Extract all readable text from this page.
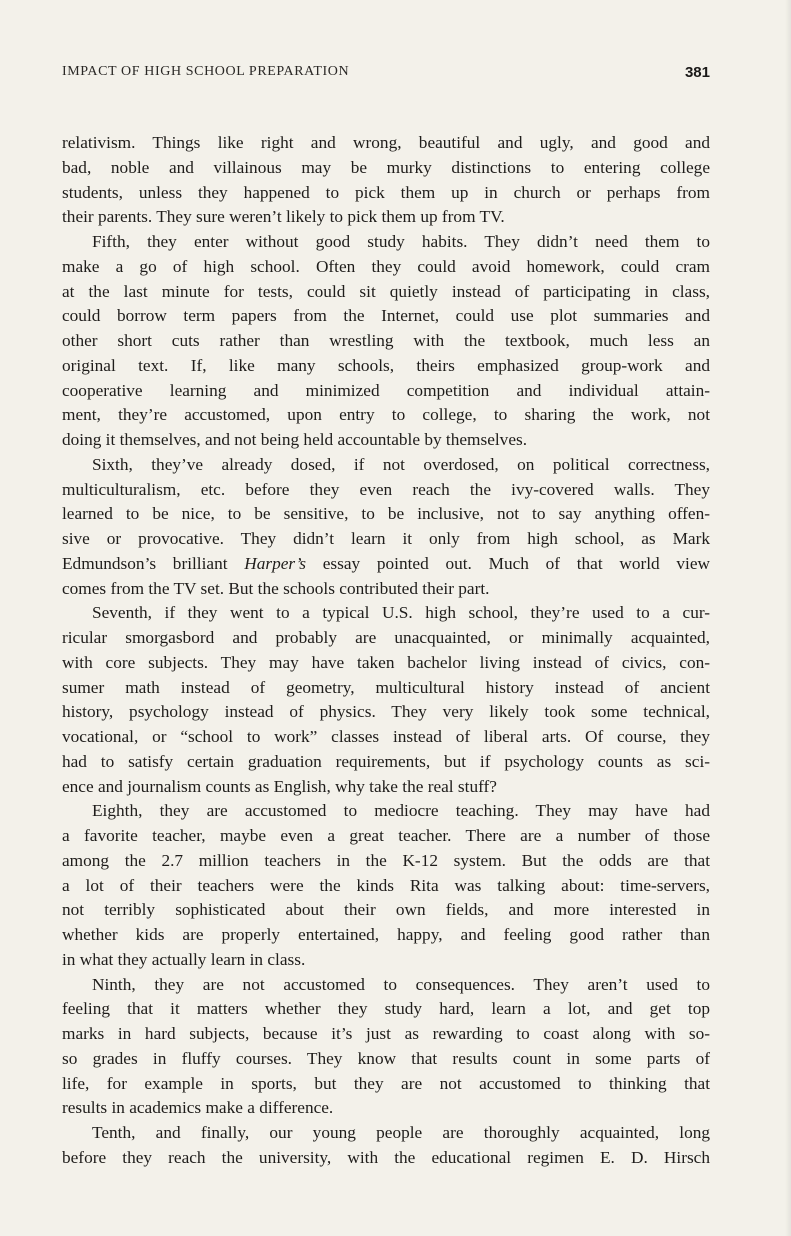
IMPACT OF HIGH SCHOOL PREPARATION	381
relativism. Things like right and wrong, beautiful and ugly, and good and
bad, noble and villainous may be murky distinctions to entering college
students, unless they happened to pick them up in church or perhaps from
their parents. They sure weren’t likely to pick them up from TV.
Fifth, they enter without good study habits. They didn’t need them to
make a go of high school. Often they could avoid homework, could cram
at the last minute for tests, could sit quietly instead of participating in class,
could borrow term papers from the Internet, could use plot summaries and
other short cuts rather than wrestling with the textbook, much less an
original text. If, like many schools, theirs emphasized group-work and
cooperative learning and minimized competition and individual attain-
ment, they’re accustomed, upon entry to college, to sharing the work, not
doing it themselves, and not being held accountable by themselves.
Sixth, they’ve already dosed, if not overdosed, on political correctness,
multiculturalism, etc. before they even reach the ivy-covered walls. They
learned to be nice, to be sensitive, to be inclusive, not to say anything offen-
sive or provocative. They didn’t learn it only from high school, as Mark
Edmundson’s brilliant Harper’s essay pointed out. Much of that world view
comes from the TV set. But the schools contributed their part.
Seventh, if they went to a typical U.S. high school, they’re used to a cur-
ricular smorgasbord and probably are unacquainted, or minimally acquainted,
with core subjects. They may have taken bachelor living instead of civics, con-
sumer math instead of geometry, multicultural history instead of ancient
history, psychology instead of physics. They very likely took some technical,
vocational, or “school to work” classes instead of liberal arts. Of course, they
had to satisfy certain graduation requirements, but if psychology counts as sci-
ence and journalism counts as English, why take the real stuff?
Eighth, they are accustomed to mediocre teaching. They may have had
a favorite teacher, maybe even a great teacher. There are a number of those
among the 2.7 million teachers in the K-12 system. But the odds are that
a lot of their teachers were the kinds Rita was talking about: time-servers,
not terribly sophisticated about their own fields, and more interested in
whether kids are properly entertained, happy, and feeling good rather than
in what they actually learn in class.
Ninth, they are not accustomed to consequences. They aren’t used to
feeling that it matters whether they study hard, learn a lot, and get top
marks in hard subjects, because it’s just as rewarding to coast along with so-
so grades in fluffy courses. They know that results count in some parts of
life, for example in sports, but they are not accustomed to thinking that
results in academics make a difference.
Tenth, and finally, our young people are thoroughly acquainted, long
before they reach the university, with the educational regimen E. D. Hirsch
